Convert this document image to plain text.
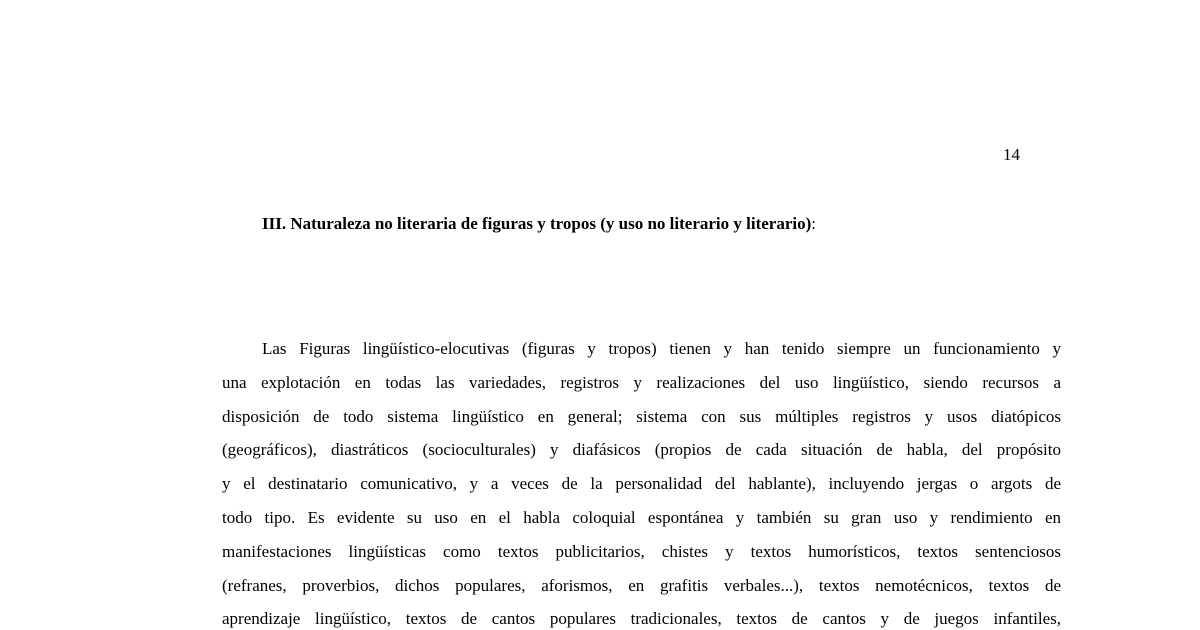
14
III. Naturaleza no literaria de figuras y tropos (y uso no literario y literario):
Las Figuras lingüístico-elocutivas (figuras y tropos) tienen y han tenido siempre un funcionamiento y
una explotación en todas las variedades, registros y realizaciones del uso lingüístico, siendo recursos a
disposición de todo sistema lingüístico en general; sistema con sus múltiples registros y usos diatópicos
(geográficos), diastráticos (socioculturales) y diafásicos (propios de cada situación de habla, del propósito
y el destinatario comunicativo, y a veces de la personalidad del hablante), incluyendo jergas o argots de
todo tipo. Es evidente su uso en el habla coloquial espontánea y también su gran uso y rendimiento en
manifestaciones lingüísticas como textos publicitarios, chistes y textos humorísticos, textos sentenciosos
(refranes, proverbios, dichos populares, aforismos, en grafitis verbales...), textos nemotécnicos, textos de
aprendizaje lingüístico, textos de cantos populares tradicionales, textos de cantos y de juegos infantiles,
